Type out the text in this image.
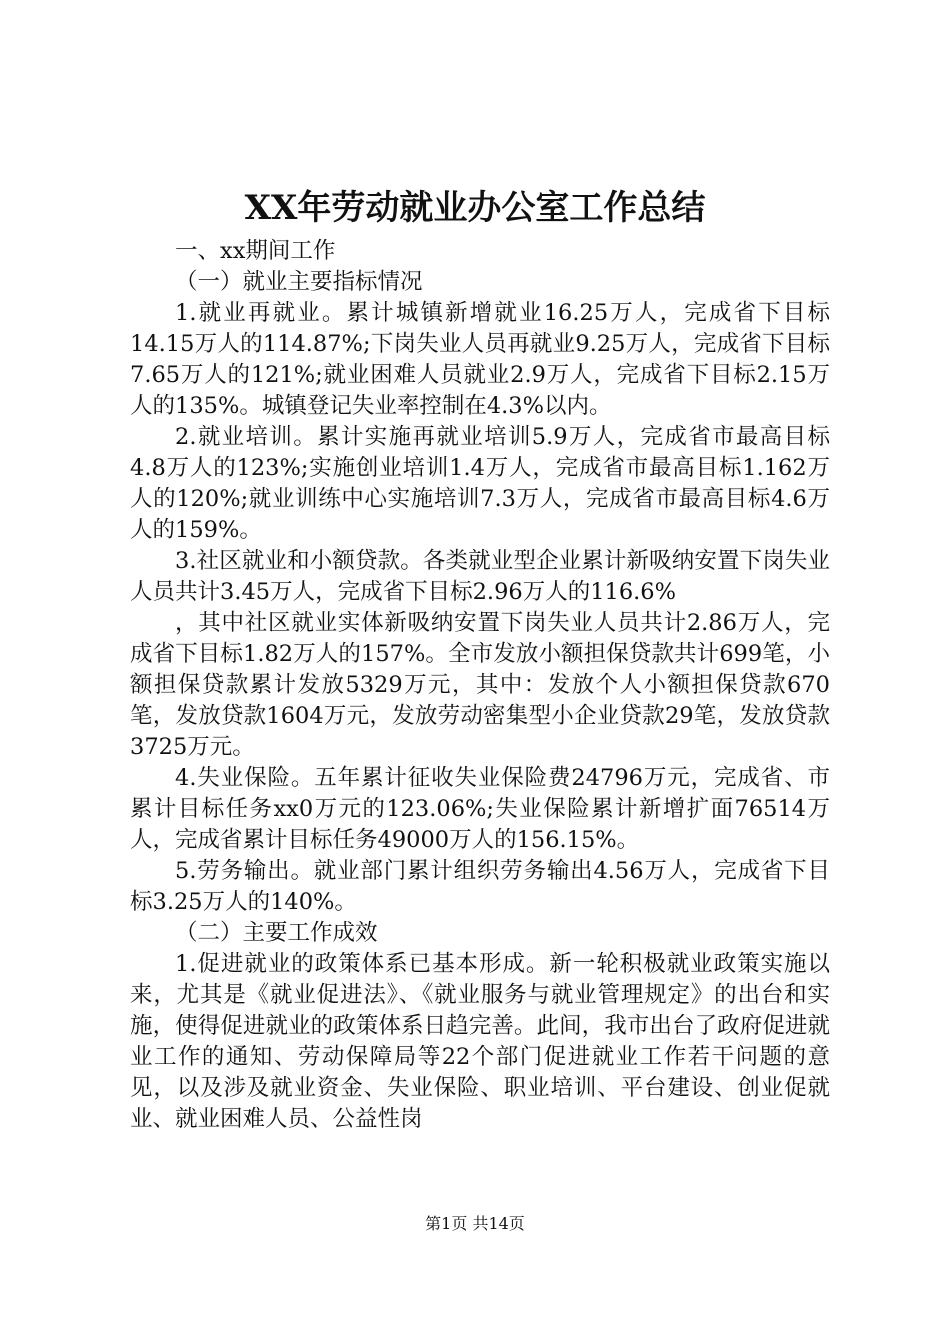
XX年劳动就业办公室工作总结

一、xx期间工作

（一）就业主要指标情况

1.就业再就业。累计城镇新增就业16.25万人，完成省下目标14.15万人的114.87%;下岗失业人员再就业9.25万人，完成省下目标7.65万人的121%;就业困难人员就业2.9万人，完成省下目标2.15万人的135%。城镇登记失业率控制在4.3%以内。

2.就业培训。累计实施再就业培训5.9万人，完成省市最高目标4.8万人的123%;实施创业培训1.4万人，完成省市最高目标1.162万人的120%;就业训练中心实施培训7.3万人，完成省市最高目标4.6万人的159%。

3.社区就业和小额贷款。各类就业型企业累计新吸纳安置下岗失业人员共计3.45万人，完成省下目标2.96万人的116.6%

，其中社区就业实体新吸纳安置下岗失业人员共计2.86万人，完成省下目标1.82万人的157%。全市发放小额担保贷款共计699笔，小额担保贷款累计发放5329万元，其中：发放个人小额担保贷款670笔，发放贷款1604万元，发放劳动密集型小企业贷款29笔，发放贷款3725万元。

4.失业保险。五年累计征收失业保险费24796万元，完成省、市累计目标任务xx0万元的123.06%;失业保险累计新增扩面76514万人，完成省累计目标任务49000万人的156.15%。

5.劳务输出。就业部门累计组织劳务输出4.56万人，完成省下目标3.25万人的140%。

（二）主要工作成效

1.促进就业的政策体系已基本形成。新一轮积极就业政策实施以来，尤其是《就业促进法》、《就业服务与就业管理规定》的出台和实施，使得促进就业的政策体系日趋完善。此间，我市出台了政府促进就业工作的通知、劳动保障局等22个部门促进就业工作若干问题的意见，以及涉及就业资金、失业保险、职业培训、平台建设、创业促就业、就业困难人员、公益性岗

第1页 共14页
